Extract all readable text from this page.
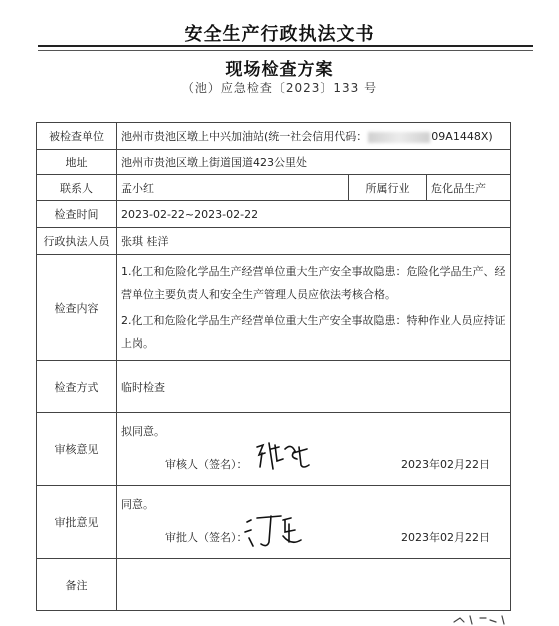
安全生产行政执法文书
现场检查方案
（池）应急检查〔2023〕133 号
被检查单位	池州市贵池区墩上中兴加油站(统一社会信用代码： 09A1448X)		
地址	池州市贵池区墩上街道国道423公里处		
联系人	孟小红	所属行业	危化品生产
检查时间	2023-02-22~2023-02-22		
行政执法人员	张琪 桂洋		
检查内容	1.化工和危险化学品生产经营单位重大生产安全事故隐患：危险化学品生产、经营单位主要负责人和安全生产管理人员应依法考核合格。
2.化工和危险化学品生产经营单位重大生产安全事故隐患：特种作业人员应持证上岗。		

检查方式	临时检查		
审核意见	拟同意。
审核人（签名）： 2023年02月22日		

审批意见	同意。
审批人（签名）： 2023年02月22日		

备注			
